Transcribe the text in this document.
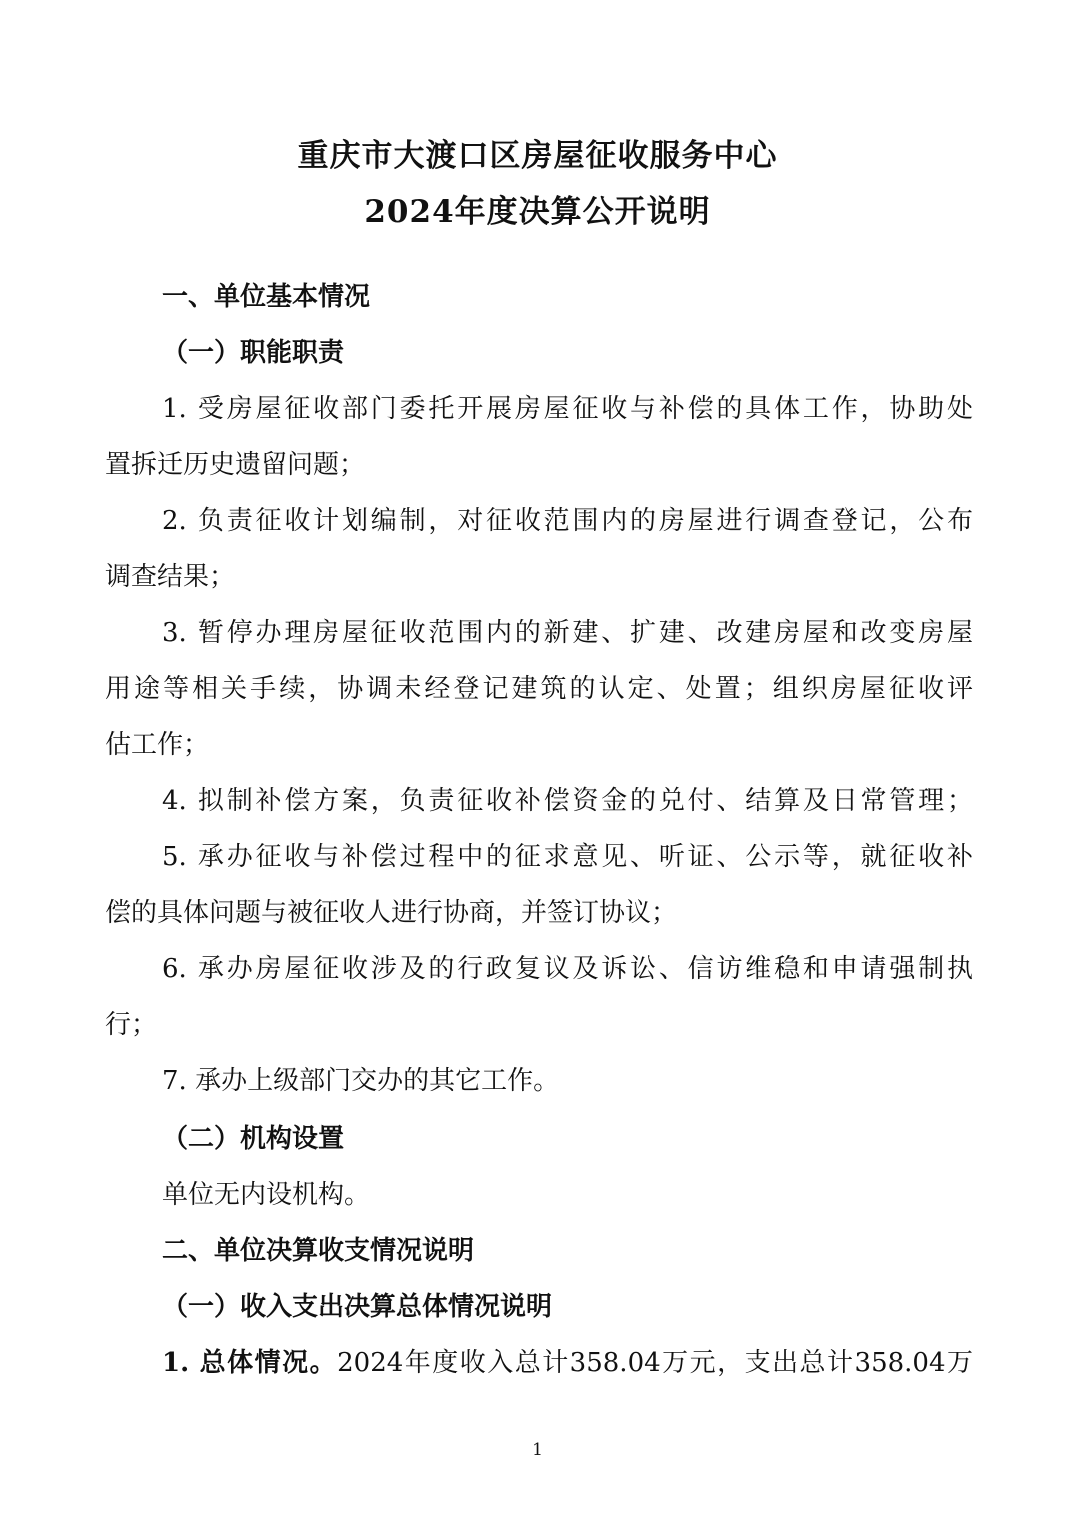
重庆市大渡口区房屋征收服务中心
2024年度决算公开说明
一、单位基本情况
（一）职能职责
1. 受房屋征收部门委托开展房屋征收与补偿的具体工作，协助处
置拆迁历史遗留问题；
2. 负责征收计划编制，对征收范围内的房屋进行调查登记，公布
调查结果；
3. 暂停办理房屋征收范围内的新建、扩建、改建房屋和改变房屋
用途等相关手续，协调未经登记建筑的认定、处置；组织房屋征收评
估工作；
4. 拟制补偿方案，负责征收补偿资金的兑付、结算及日常管理；
5. 承办征收与补偿过程中的征求意见、听证、公示等，就征收补
偿的具体问题与被征收人进行协商，并签订协议；
6. 承办房屋征收涉及的行政复议及诉讼、信访维稳和申请强制执
行；
7. 承办上级部门交办的其它工作。
（二）机构设置
单位无内设机构。
二、单位决算收支情况说明
（一）收入支出决算总体情况说明
1. 总体情况。2024年度收入总计358.04万元，支出总计358.04万
1
